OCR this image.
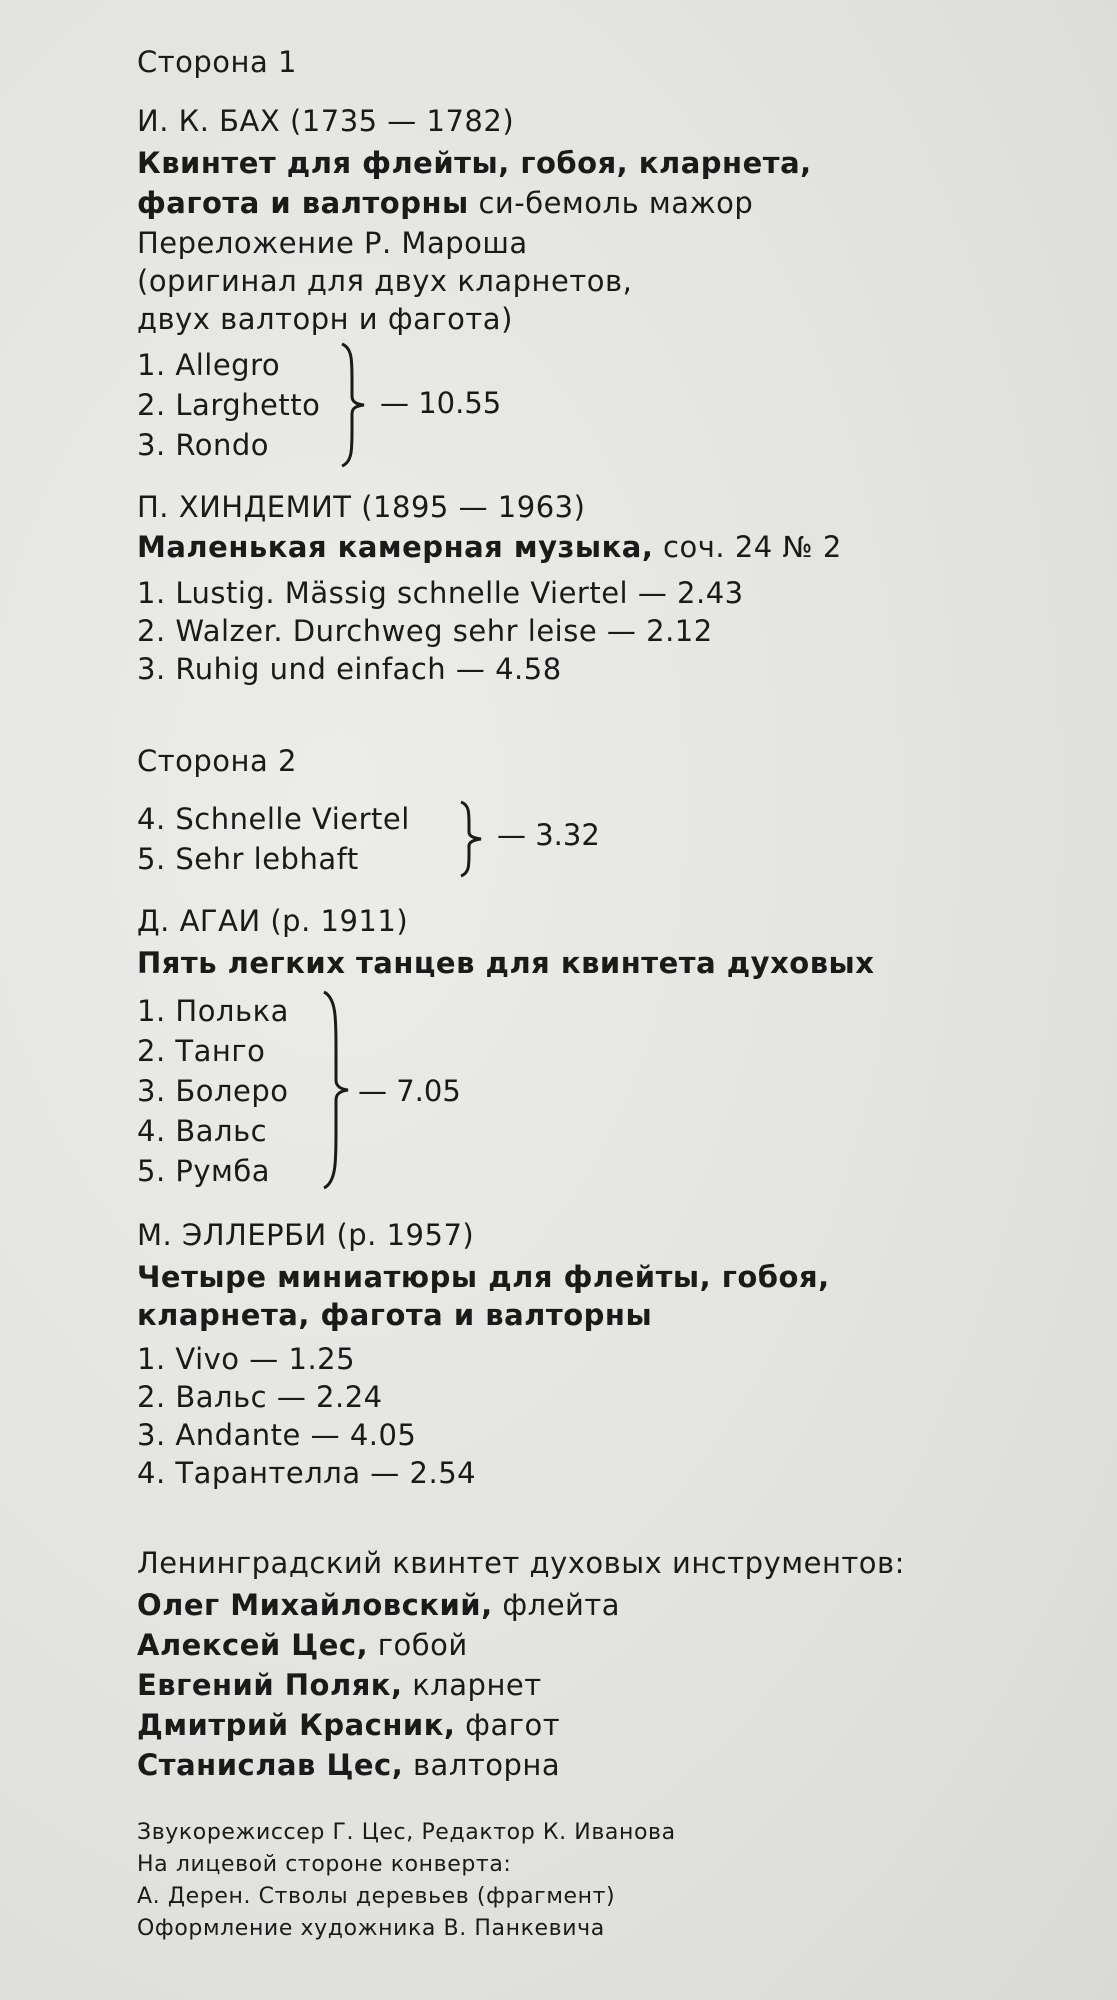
Сторона 1
И. К. БАХ (1735 — 1782)
Квинтет для флейты, гобоя, кларнета,
фагота и валторны си-бемоль мажор
Переложение Р. Мароша
(оригинал для двух кларнетов,
двух валторн и фагота)
1. Allegro
2. Larghetto
3. Rondo
— 10.55
П. ХИНДЕМИТ (1895 — 1963)
Маленькая камерная музыка, соч. 24 № 2
1. Lustig. Mässig schnelle Viertel — 2.43
2. Walzer. Durchweg sehr leise — 2.12
3. Ruhig und einfach — 4.58
Сторона 2
4. Schnelle Viertel
5. Sehr lebhaft
— 3.32
Д. АГАИ (р. 1911)
Пять легких танцев для квинтета духовых
1. Полька
2. Танго
3. Болеро
4. Вальс
5. Румба
— 7.05
М. ЭЛЛЕРБИ (р. 1957)
Четыре миниатюры для флейты, гобоя,
кларнета, фагота и валторны
1. Vivo — 1.25
2. Вальс — 2.24
3. Andante — 4.05
4. Тарантелла — 2.54
Ленинградский квинтет духовых инструментов:
Олег Михайловский, флейта
Алексей Цес, гобой
Евгений Поляк, кларнет
Дмитрий Красник, фагот
Станислав Цес, валторна
Звукорежиссер Г. Цес, Редактор К. Иванова
На лицевой стороне конверта:
А. Дерен. Стволы деревьев (фрагмент)
Оформление художника В. Панкевича
